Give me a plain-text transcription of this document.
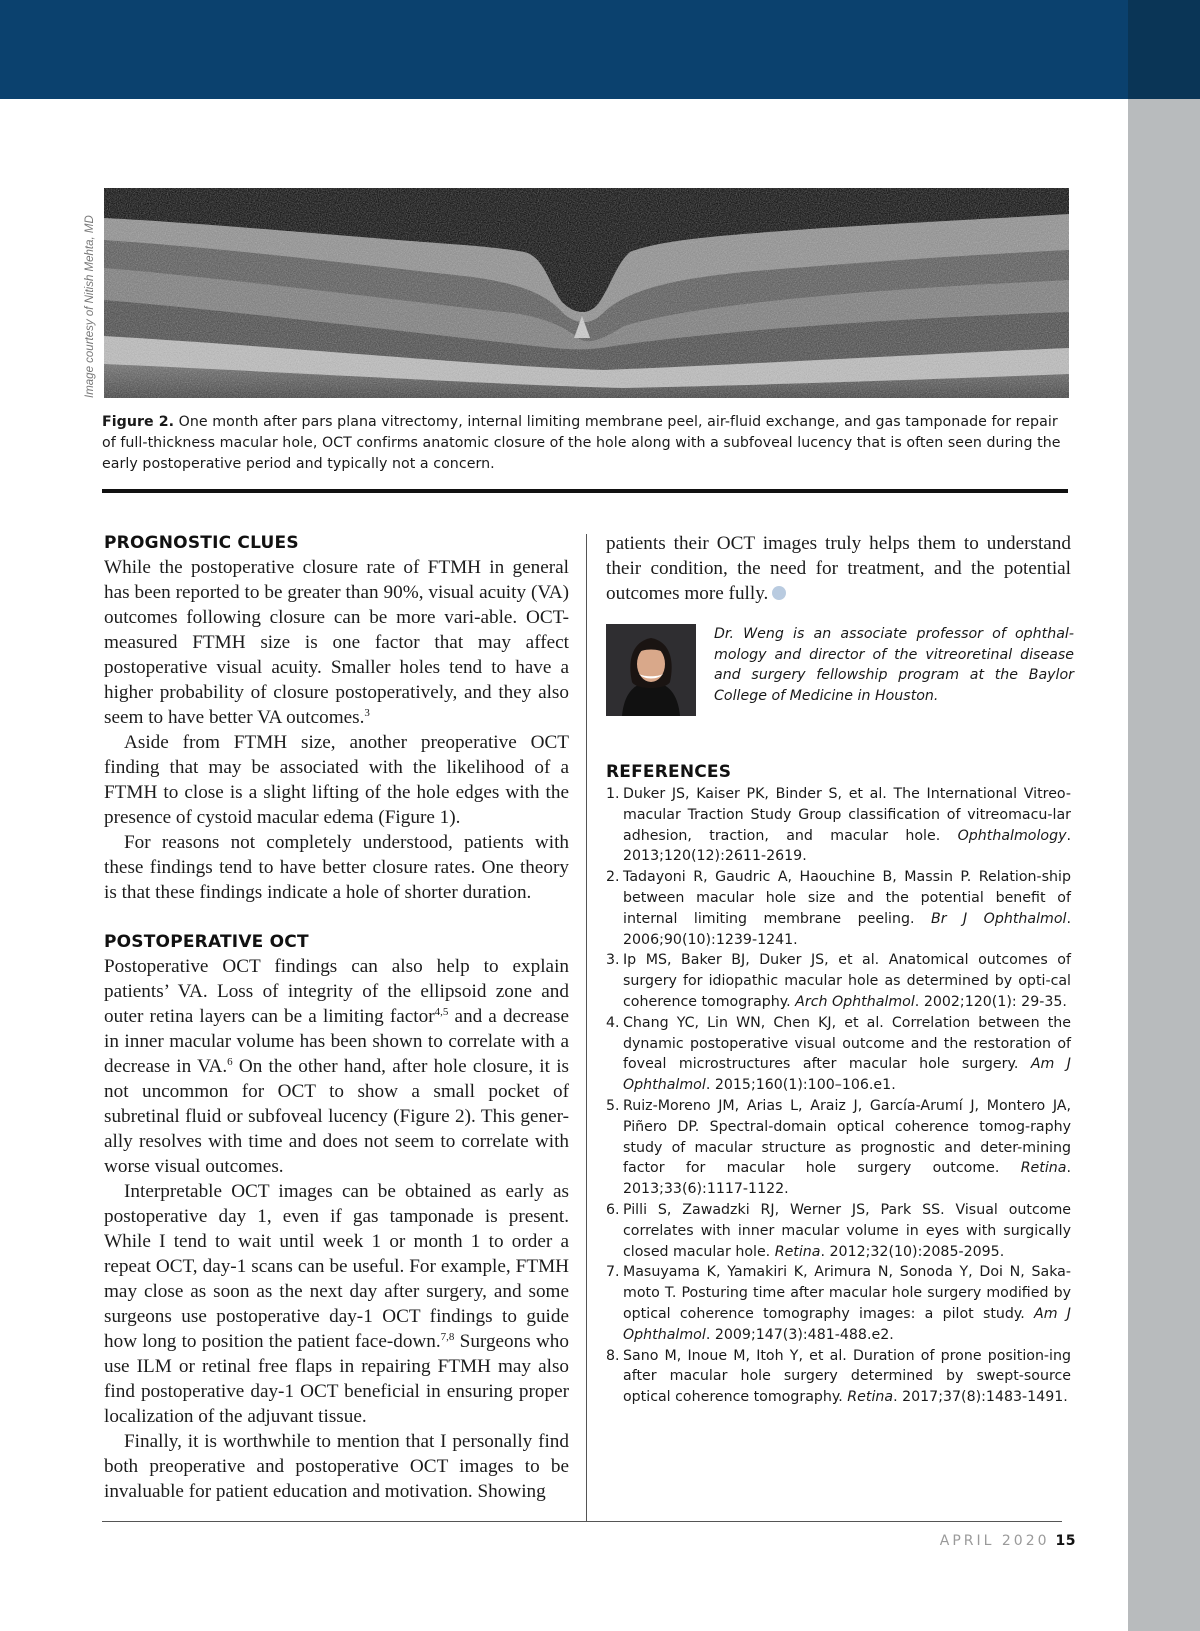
Image courtesy of Nitish Mehta, MD
Figure 2. One month after pars plana vitrectomy, internal limiting membrane peel, air-fluid exchange, and gas tamponade for repair of full-thickness macular hole, OCT confirms anatomic closure of the hole along with a subfoveal lucency that is often seen during the early postoperative period and typically not a concern.
PROGNOSTIC CLUES

While the postoperative closure rate of FTMH in general has been reported to be greater than 90%, visual acuity (VA) outcomes following closure can be more vari-able. OCT-measured FTMH size is one factor that may affect postoperative visual acuity. Smaller holes tend to have a higher probability of closure postoperatively, and they also seem to have better VA outcomes.$^3$

Aside from FTMH size, another preoperative OCT finding that may be associated with the likelihood of a FTMH to close is a slight lifting of the hole edges with the presence of cystoid macular edema (Figure 1).

For reasons not completely understood, patients with these findings tend to have better closure rates. One theory is that these findings indicate a hole of shorter duration.

POSTOPERATIVE OCT

Postoperative OCT findings can also help to explain patients’ VA. Loss of integrity of the ellipsoid zone and outer retina layers can be a limiting factor$^{4,5}$ and a decrease in inner macular volume has been shown to correlate with a decrease in VA.$^6$ On the other hand, after hole closure, it is not uncommon for OCT to show a small pocket of subretinal fluid or subfoveal lucency (Figure 2). This gener-ally resolves with time and does not seem to correlate with worse visual outcomes.

Interpretable OCT images can be obtained as early as postoperative day 1, even if gas tamponade is present. While I tend to wait until week 1 or month 1 to order a repeat OCT, day-1 scans can be useful. For example, FTMH may close as soon as the next day after surgery, and some surgeons use postoperative day-1 OCT findings to guide how long to position the patient face-down.$^{7,8}$ Surgeons who use ILM or retinal free flaps in repairing FTMH may also find postoperative day-1 OCT beneficial in ensuring proper localization of the adjuvant tissue.

Finally, it is worthwhile to mention that I personally find both preoperative and postoperative OCT images to be invaluable for patient education and motivation. Showing

patients their OCT images truly helps them to understand their condition, the need for treatment, and the potential outcomes more fully.

Dr. Weng is an associate professor of ophthal-mology and director of the vitreoretinal disease and surgery fellowship program at the Baylor College of Medicine in Houston.
REFERENCES
1. Duker JS, Kaiser PK, Binder S, et al. The International Vitreo-macular Traction Study Group classification of vitreomacu-lar adhesion, traction, and macular hole. Ophthalmology. 2013;120(12):2611-2619.
2. Tadayoni R, Gaudric A, Haouchine B, Massin P. Relation-ship between macular hole size and the potential benefit of internal limiting membrane peeling. Br J Ophthalmol. 2006;90(10):1239-1241.
3. Ip MS, Baker BJ, Duker JS, et al. Anatomical outcomes of surgery for idiopathic macular hole as determined by opti-cal coherence tomography. Arch Ophthalmol. 2002;120(1): 29-35.
4. Chang YC, Lin WN, Chen KJ, et al. Correlation between the dynamic postoperative visual outcome and the restoration of foveal microstructures after macular hole surgery. Am J Ophthalmol. 2015;160(1):100–106.e1.
5. Ruiz-Moreno JM, Arias L, Araiz J, García-Arumí J, Montero JA, Piñero DP. Spectral-domain optical coherence tomog-raphy study of macular structure as prognostic and deter-mining factor for macular hole surgery outcome. Retina. 2013;33(6):1117-1122.
6. Pilli S, Zawadzki RJ, Werner JS, Park SS. Visual outcome correlates with inner macular volume in eyes with surgically closed macular hole. Retina. 2012;32(10):2085-2095.
7. Masuyama K, Yamakiri K, Arimura N, Sonoda Y, Doi N, Saka-moto T. Posturing time after macular hole surgery modified by optical coherence tomography images: a pilot study. Am J Ophthalmol. 2009;147(3):481-488.e2.
8. Sano M, Inoue M, Itoh Y, et al. Duration of prone position-ing after macular hole surgery determined by swept-source optical coherence tomography. Retina. 2017;37(8):1483-1491.
APRIL 2020 15
